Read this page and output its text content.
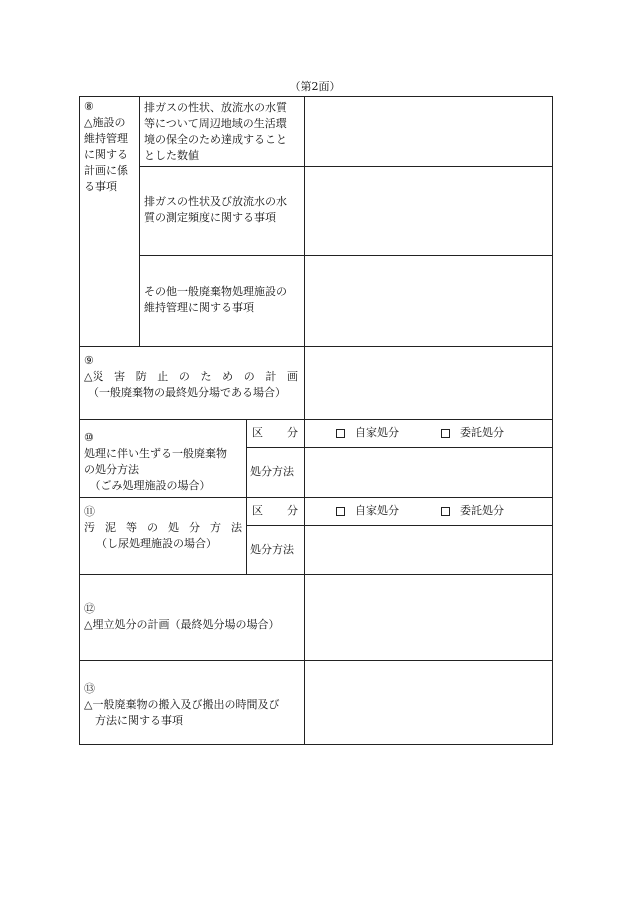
（第2面）
⑧
△施設の
維持管理
に関する
計画に係
る事項
排ガスの性状、放流水の水質
等について周辺地域の生活環
境の保全のため達成すること
とした数値
排ガスの性状及び放流水の水
質の測定頻度に関する事項
その他一般廃棄物処理施設の
維持管理に関する事項
⑨
△災 害 防 止 の た め の 計 画
（一般廃棄物の最終処分場である場合）
⑩
処理に伴い生ずる一般廃棄物
の処分方法
　（ごみ処理施設の場合）
区 分
処分方法
自家処分	委託処分
⑪
汚 泥 等 の 処 分 方 法
（し尿処理施設の場合）
区 分
処分方法
自家処分	委託処分
⑫
△埋立処分の計画（最終処分場の場合）
⑬
△一般廃棄物の搬入及び搬出の時間及び
　方法に関する事項
